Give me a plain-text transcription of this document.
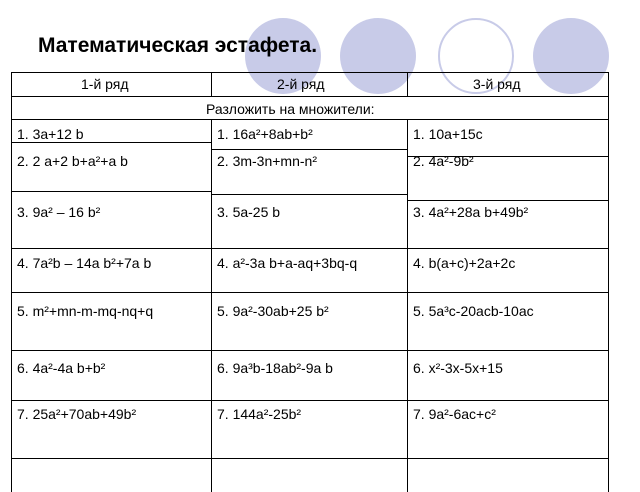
Математическая эстафета.
1-й ряд	2-й ряд	3-й ряд
Разложить на множители:
1. 3a+12 b
2. 2 a+2 b+a²+a b
3. 9a² – 16 b²
4. 7a²b – 14a b²+7a b
5. m²+mn-m-mq-nq+q
6. 4a²-4a b+b²
7. 25a²+70ab+49b²
1. 16a²+8ab+b²
2. 3m-3n+mn-n²
3. 5a-25 b
4. a²-3a b+a-aq+3bq-q
5. 9a²-30ab+25 b²
6. 9a³b-18ab²-9a b
7. 144a²-25b²
1. 10a+15c
2. 4a²-9b²
3. 4a²+28a b+49b²
4. b(a+c)+2a+2c
5. 5a³c-20acb-10ac
6. x²-3x-5x+15
7. 9a²-6ac+c²
